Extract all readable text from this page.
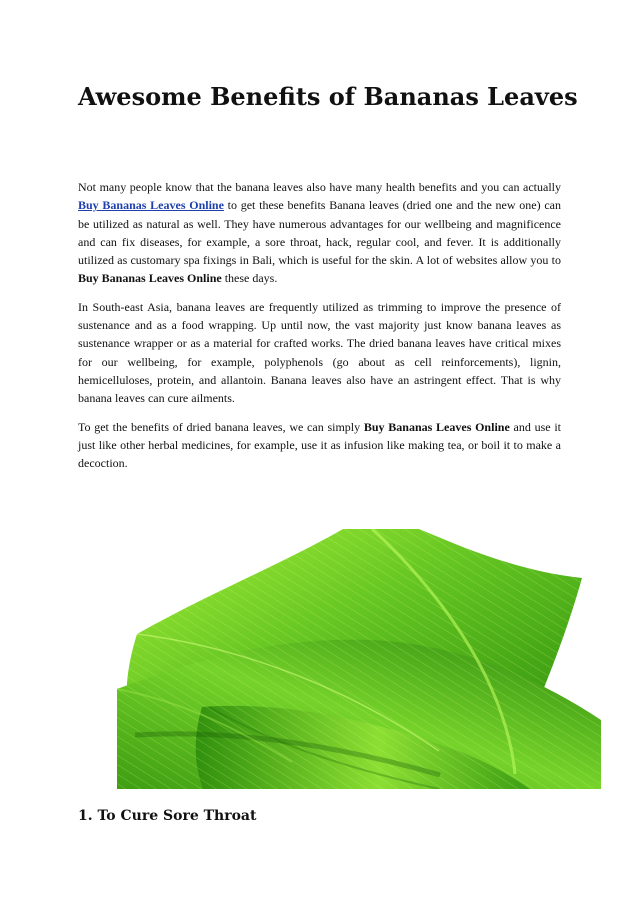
Awesome Benefits of Bananas Leaves

Not many people know that the banana leaves also have many health benefits and you can actually Buy Bananas Leaves Online to get these benefits Banana leaves (dried one and the new one) can be utilized as natural as well. They have numerous advantages for our wellbeing and magnificence and can fix diseases, for example, a sore throat, hack, regular cool, and fever. It is additionally utilized as customary spa fixings in Bali, which is useful for the skin. A lot of websites allow you to Buy Bananas Leaves Online these days.

In South-east Asia, banana leaves are frequently utilized as trimming to improve the presence of sustenance and as a food wrapping. Up until now, the vast majority just know banana leaves as sustenance wrapper or as a material for crafted works. The dried banana leaves have critical mixes for our wellbeing, for example, polyphenols (go about as cell reinforcements), lignin, hemicelluloses, protein, and allantoin. Banana leaves also have an astringent effect. That is why banana leaves can cure ailments.

To get the benefits of dried banana leaves, we can simply Buy Bananas Leaves Online and use it just like other herbal medicines, for example, use it as infusion like making tea, or boil it to make a decoction.

1. To Cure Sore Throat
